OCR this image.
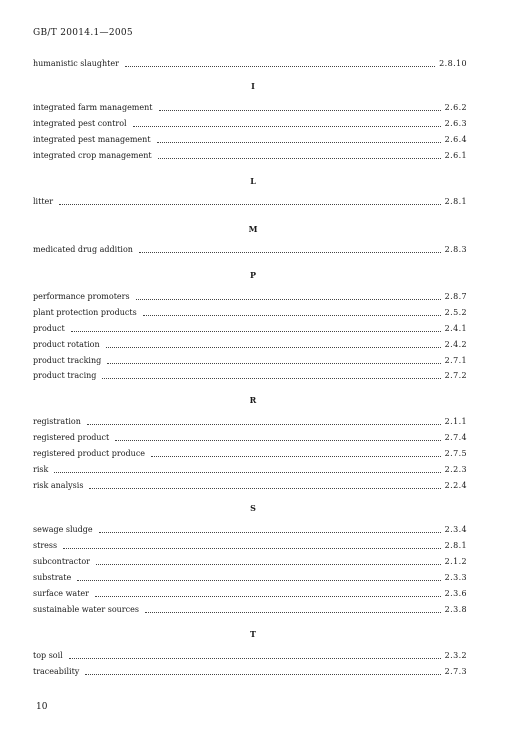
GB/T 20014.1—2005
humanistic slaughter	2.8.10
I
integrated farm management	2.6.2
integrated pest control	2.6.3
integrated pest management	2.6.4
integrated crop management	2.6.1
L
litter	2.8.1
M
medicated drug addition	2.8.3
P
performance promoters	2.8.7
plant protection products	2.5.2
product	2.4.1
product rotation	2.4.2
product tracking	2.7.1
product tracing	2.7.2
R
registration	2.1.1
registered product	2.7.4
registered product produce	2.7.5
risk	2.2.3
risk analysis	2.2.4
S
sewage sludge	2.3.4
stress	2.8.1
subcontractor	2.1.2
substrate	2.3.3
surface water	2.3.6
sustainable water sources	2.3.8
T
top soil	2.3.2
traceability	2.7.3
10
